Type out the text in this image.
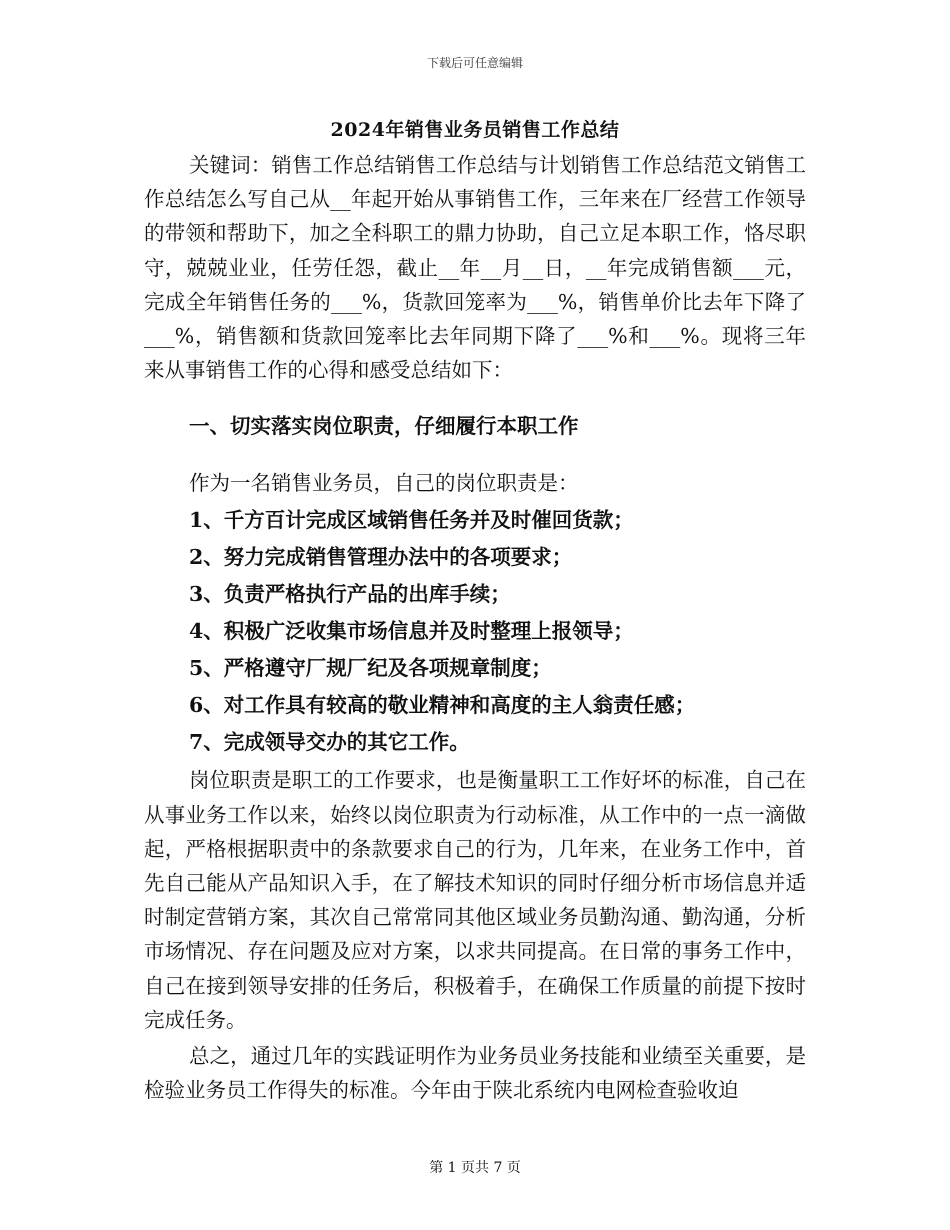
下载后可任意编辑
2024年销售业务员销售工作总结

关键词：销售工作总结销售工作总结与计划销售工作总结范文销售工作总结怎么写自己从__年起开始从事销售工作，三年来在厂经营工作领导的带领和帮助下，加之全科职工的鼎力协助，自己立足本职工作，恪尽职守，兢兢业业，任劳任怨，截止__年__月__日，__年完成销售额___元，完成全年销售任务的___%，货款回笼率为___%，销售单价比去年下降了___%，销售额和货款回笼率比去年同期下降了___%和___%。现将三年来从事销售工作的心得和感受总结如下：

一、切实落实岗位职责，仔细履行本职工作

作为一名销售业务员，自己的岗位职责是：

1、千方百计完成区域销售任务并及时催回货款；
2、努力完成销售管理办法中的各项要求；
3、负责严格执行产品的出库手续；
4、积极广泛收集市场信息并及时整理上报领导；
5、严格遵守厂规厂纪及各项规章制度；
6、对工作具有较高的敬业精神和高度的主人翁责任感；
7、完成领导交办的其它工作。

岗位职责是职工的工作要求，也是衡量职工工作好坏的标准，自己在从事业务工作以来，始终以岗位职责为行动标准，从工作中的一点一滴做起，严格根据职责中的条款要求自己的行为，几年来，在业务工作中，首先自己能从产品知识入手，在了解技术知识的同时仔细分析市场信息并适时制定营销方案，其次自己常常同其他区域业务员勤沟通、勤沟通，分析市场情况、存在问题及应对方案，以求共同提高。在日常的事务工作中，自己在接到领导安排的任务后，积极着手，在确保工作质量的前提下按时完成任务。

总之，通过几年的实践证明作为业务员业务技能和业绩至关重要，是检验业务员工作得失的标准。今年由于陕北系统内电网检查验收迫

第 1 页共 7 页
